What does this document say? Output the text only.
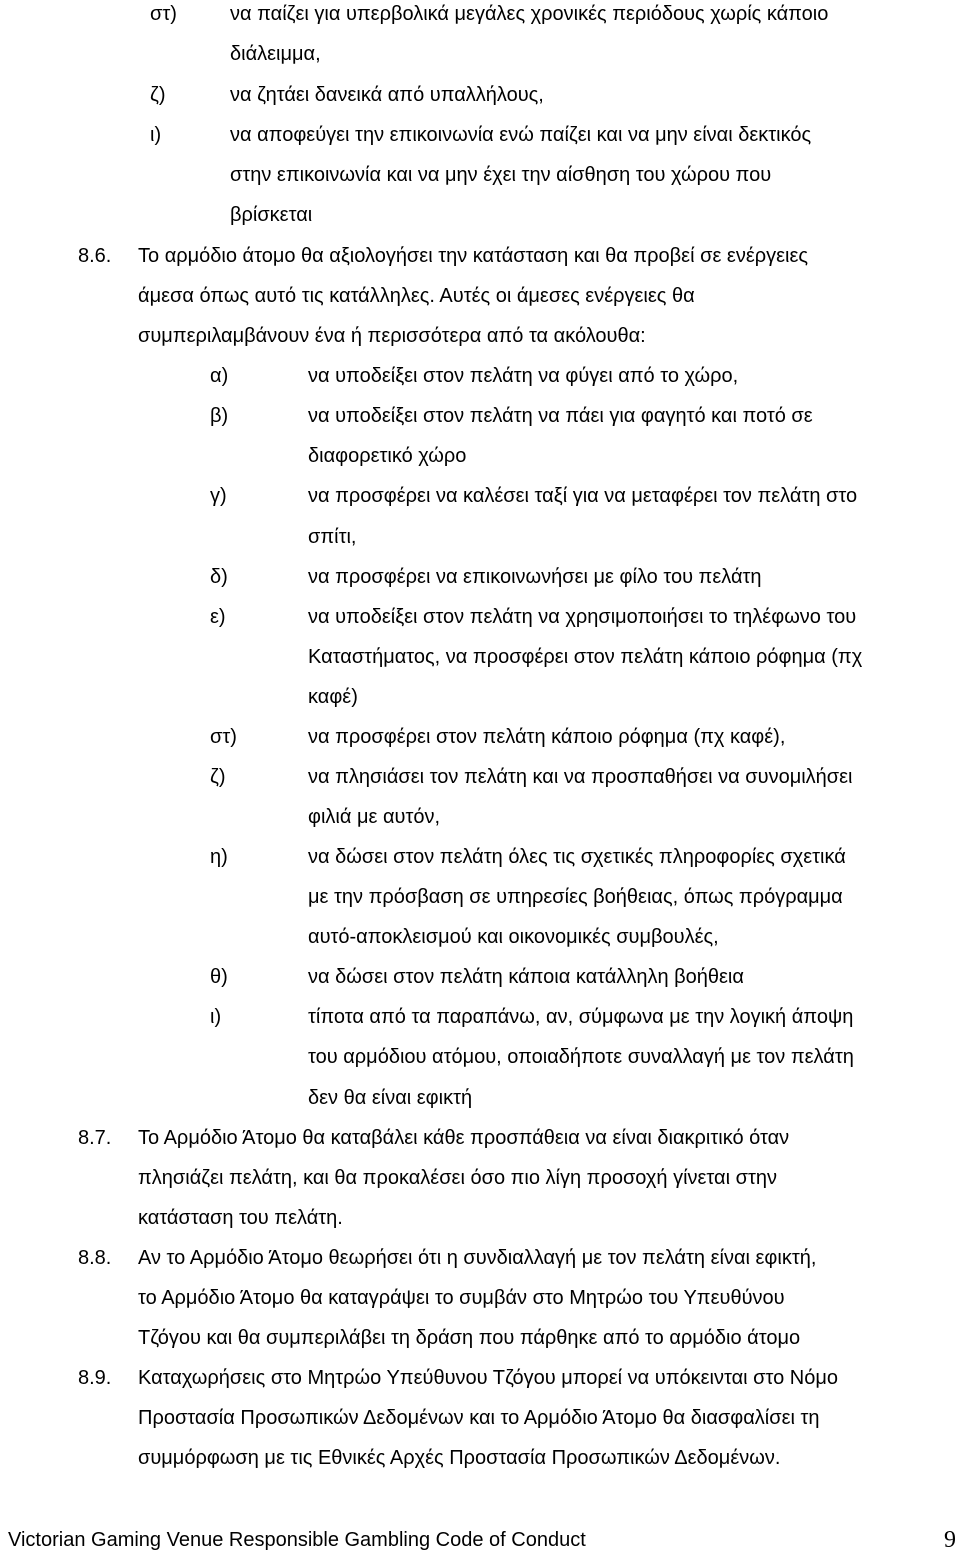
στ)	να παίζει για υπερβολικά μεγάλες χρονικές περιόδους χωρίς κάποιο
διάλειμμα,
ζ)	να ζητάει δανεικά από υπαλλήλους,
ι)	να αποφεύγει την επικοινωνία ενώ παίζει και να μην είναι δεκτικός
στην επικοινωνία και να μην έχει την αίσθηση του χώρου που
βρίσκεται
8.6. Το αρμόδιο άτομο θα αξιολογήσει την κατάσταση και θα προβεί σε ενέργειες
άμεσα όπως αυτό τις κατάλληλες. Αυτές οι άμεσες ενέργειες θα
συμπεριλαμβάνουν ένα ή περισσότερα από τα ακόλουθα:
α)	να υποδείξει στον πελάτη να φύγει από το χώρο,
β)	να υποδείξει στον πελάτη να πάει για φαγητό και ποτό σε
διαφορετικό χώρο
γ)	να προσφέρει να καλέσει ταξί για να μεταφέρει τον πελάτη στο
σπίτι,
δ)	να προσφέρει να επικοινωνήσει με φίλο του πελάτη
ε)	να υποδείξει στον πελάτη να χρησιμοποιήσει το τηλέφωνο του
Καταστήματος, να προσφέρει στον πελάτη κάποιο ρόφημα (πχ
καφέ)
στ)	να προσφέρει στον πελάτη κάποιο ρόφημα (πχ καφέ),
ζ)	να πλησιάσει τον πελάτη και να προσπαθήσει να συνομιλήσει
φιλιά με αυτόν,
η)	να δώσει στον πελάτη όλες τις σχετικές πληροφορίες σχετικά
με την πρόσβαση σε υπηρεσίες βοήθειας, όπως πρόγραμμα
αυτό-αποκλεισμού και οικονομικές συμβουλές,
θ)	να δώσει στον πελάτη κάποια κατάλληλη βοήθεια
ι)	τίποτα από τα παραπάνω, αν, σύμφωνα με την λογική άποψη
του αρμόδιου ατόμου, οποιαδήποτε συναλλαγή με τον πελάτη
δεν θα είναι εφικτή
8.7. Το Αρμόδιο Άτομο θα καταβάλει κάθε προσπάθεια να είναι διακριτικό όταν
πλησιάζει πελάτη, και θα προκαλέσει όσο πιο λίγη προσοχή γίνεται στην
κατάσταση του πελάτη.
8.8. Αν το Αρμόδιο Άτομο θεωρήσει ότι η συνδιαλλαγή με τον πελάτη είναι εφικτή,
το Αρμόδιο Άτομο θα καταγράψει το συμβάν στο Μητρώο του Υπευθύνου
Τζόγου και θα συμπεριλάβει τη δράση που πάρθηκε από το αρμόδιο άτομο
8.9. Καταχωρήσεις στο Μητρώο Υπεύθυνου Τζόγου μπορεί να υπόκεινται στο Νόμο
Προστασία Προσωπικών Δεδομένων και το Αρμόδιο Άτομο θα διασφαλίσει τη
συμμόρφωση με τις Εθνικές Αρχές Προστασία Προσωπικών Δεδομένων.
Victorian Gaming Venue Responsible Gambling Code of Conduct	9
